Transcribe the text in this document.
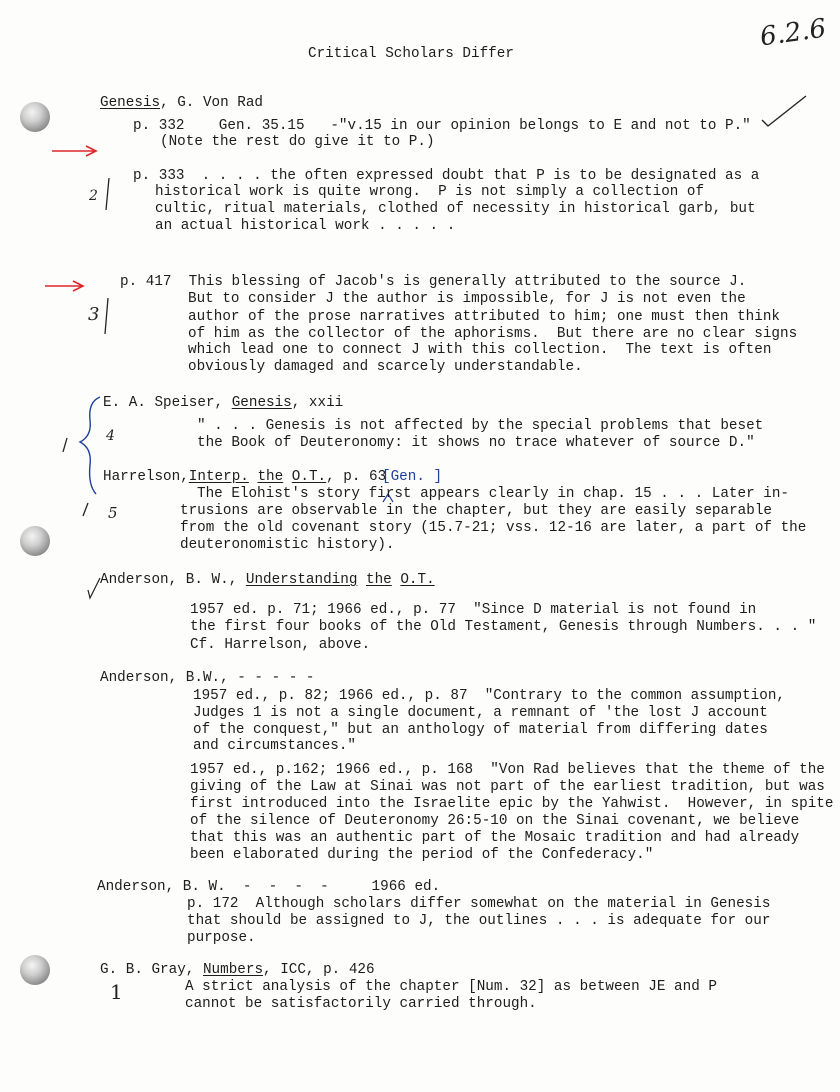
6.2.6
2
3
4
5
1
Critical Scholars Differ
Genesis, G. Von Rad
p. 332    Gen. 35.15   -"v.15 in our opinion belongs to E and not to P."
(Note the rest do give it to P.)
p. 333  . . . . the often expressed doubt that P is to be designated as a
historical work is quite wrong.  P is not simply a collection of
cultic, ritual materials, clothed of necessity in historical garb, but
an actual historical work . . . . .
p. 417  This blessing of Jacob's is generally attributed to the source J.
But to consider J the author is impossible, for J is not even the
author of the prose narratives attributed to him; one must then think
of him as the collector of the aphorisms.  But there are no clear signs
which lead one to connect J with this collection.  The text is often
obviously damaged and scarcely understandable.
E. A. Speiser, Genesis, xxii
" . . . Genesis is not affected by the special problems that beset
the Book of Deuteronomy: it shows no trace whatever of source D."
Harrelson,Interp. the O.T., p. 63
[Gen. ]
The Elohist's story first appears clearly in chap. 15 . . . Later in-
trusions are observable in the chapter, but they are easily separable
from the old covenant story (15.7-21; vss. 12-16 are later, a part of the
deuteronomistic history).
Anderson, B. W., Understanding the O.T.
1957 ed. p. 71; 1966 ed., p. 77  "Since D material is not found in
the first four books of the Old Testament, Genesis through Numbers. . . "
Cf. Harrelson, above.
Anderson, B.W., - - - - -
1957 ed., p. 82; 1966 ed., p. 87  "Contrary to the common assumption,
Judges 1 is not a single document, a remnant of 'the lost J account
of the conquest," but an anthology of material from differing dates
and circumstances."
1957 ed., p.162; 1966 ed., p. 168  "Von Rad believes that the theme of the
giving of the Law at Sinai was not part of the earliest tradition, but was
first introduced into the Israelite epic by the Yahwist.  However, in spite
of the silence of Deuteronomy 26:5-10 on the Sinai covenant, we believe
that this was an authentic part of the Mosaic tradition and had already
been elaborated during the period of the Confederacy."
Anderson, B. W.  -  -  -  -     1966 ed.
p. 172  Although scholars differ somewhat on the material in Genesis
that should be assigned to J, the outlines . . . is adequate for our
purpose.
G. B. Gray, Numbers, ICC, p. 426
A strict analysis of the chapter [Num. 32] as between JE and P
cannot be satisfactorily carried through.
